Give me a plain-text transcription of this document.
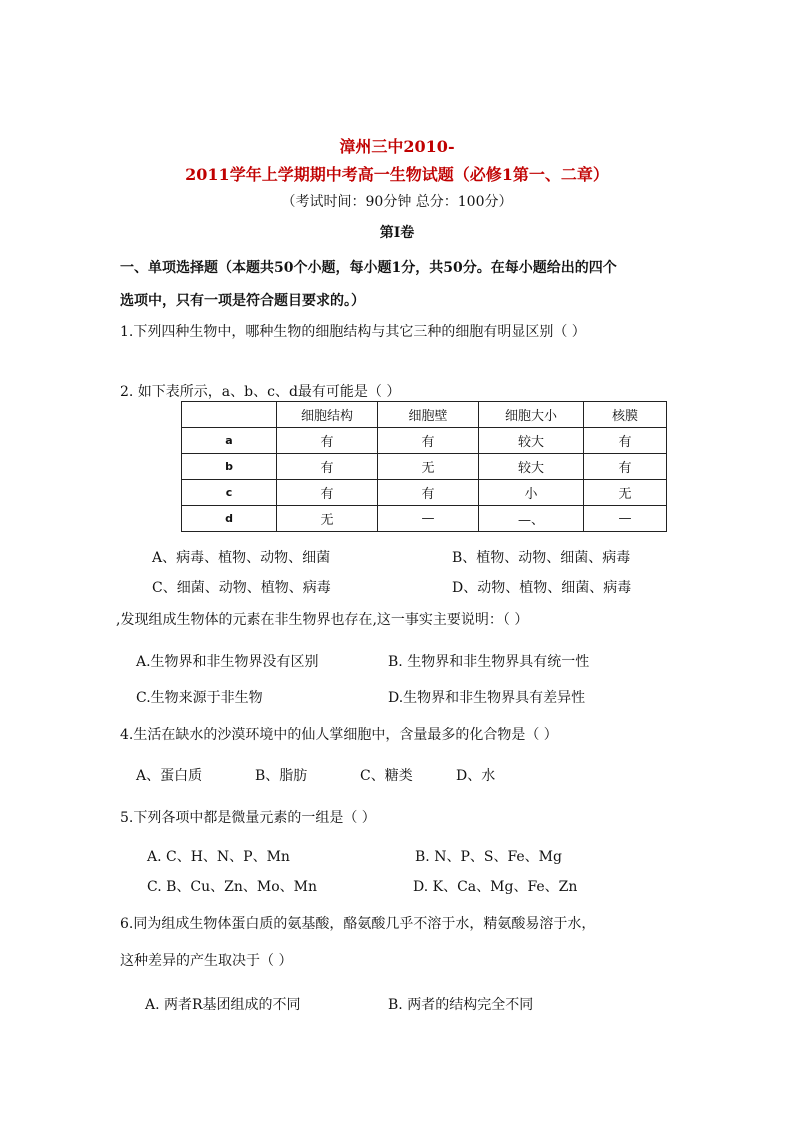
漳州三中2010-
2011学年上学期期中考高一生物试题（必修1第一、二章）
（考试时间：90分钟 总分：100分）
第Ⅰ卷
一、单项选择题（本题共50个小题，每小题1分，共50分。在每小题给出的四个
选项中，只有一项是符合题目要求的。）
1.下列四种生物中，哪种生物的细胞结构与其它三种的细胞有明显区别（ ）
2. 如下表所示，a、b、c、d最有可能是（ ）
	细胞结构	细胞壁	细胞大小	核膜
a	有	有	较大	有
b	有	无	较大	有
c	有	有	小	无
d	无	—	—、	—
A、病毒、植物、动物、细菌	B、植物、动物、细菌、病毒
C、细菌、动物、植物、病毒	D、动物、植物、细菌、病毒
,发现组成生物体的元素在非生物界也存在,这一事实主要说明：（ ）
A.生物界和非生物界没有区别	B. 生物界和非生物界具有统一性
C.生物来源于非生物	D.生物界和非生物界具有差异性
4.生活在缺水的沙漠环境中的仙人掌细胞中，含量最多的化合物是（ ）
A、蛋白质	B、脂肪	C、糖类	D、水
5.下列各项中都是微量元素的一组是（ ）
A. C、H、N、P、Mn	B. N、P、S、Fe、Mg
C. B、Cu、Zn、Mo、Mn	D. K、Ca、Mg、Fe、Zn
6.同为组成生物体蛋白质的氨基酸，酪氨酸几乎不溶于水，精氨酸易溶于水，
这种差异的产生取决于（ ）
A. 两者R基团组成的不同	B. 两者的结构完全不同
